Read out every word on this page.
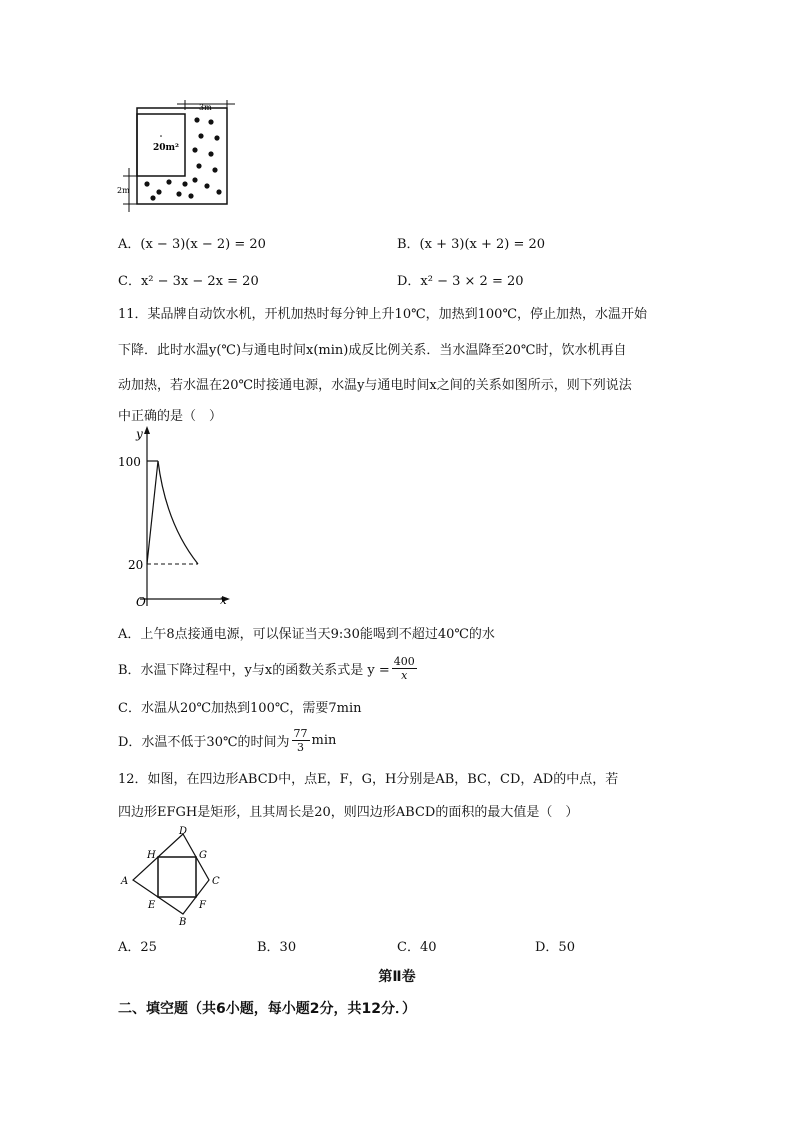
3m
2m
20m²
A．(x − 3)(x − 2) = 20	B．(x + 3)(x + 2) = 20
C．x² − 3x − 2x = 20	D．x² − 3 × 2 = 20
11．某品牌自动饮水机，开机加热时每分钟上升10℃，加热到100℃，停止加热，水温开始
下降．此时水温y(℃)与通电时间x(min)成反比例关系．当水温降至20℃时，饮水机再自
动加热，若水温在20℃时接通电源，水温y与通电时间x之间的关系如图所示，则下列说法
中正确的是（　）
y
x
O
100
20
A．上午8点接通电源，可以保证当天9:30能喝到不超过40℃的水
B．水温下降过程中，y与x的函数关系式是 $y = \frac{400}{x}$
C．水温从20℃加热到100℃，需要7min
D．水温不低于30℃的时间为 $\frac{77}{3}$ min
12．如图，在四边形ABCD中，点E，F，G，H分别是AB，BC，CD，AD的中点，若
四边形EFGH是矩形，且其周长是20，则四边形ABCD的面积的最大值是（　）
A
B
C
D
E	F
G
H
A．25	B．30	C．40	D．50
第Ⅱ卷
二、填空题（共6小题，每小题2分，共12分．）
